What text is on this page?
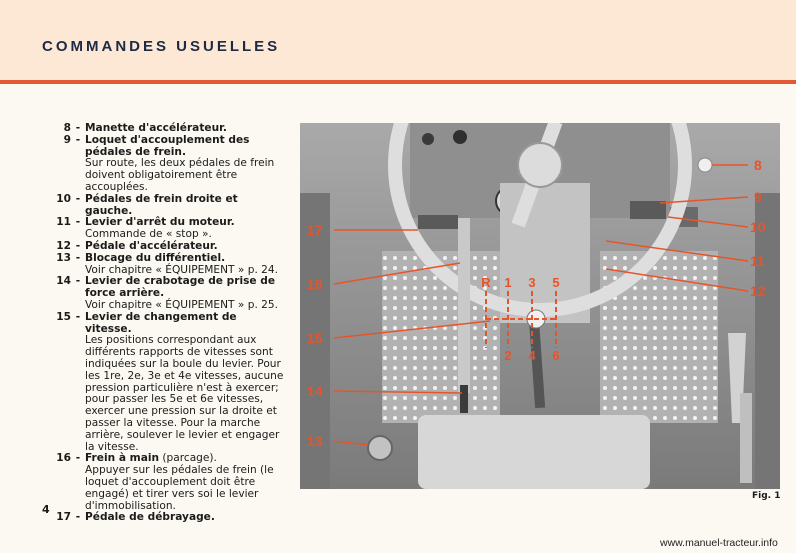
COMMANDES USUELLES
8 - Manette d'accélérateur.
9 - Loquet d'accouplement des pédales de frein.
Sur route, les deux pédales de frein doivent obligatoirement être accouplées.
10 - Pédales de frein droite et gauche.
11 - Levier d'arrêt du moteur.
Commande de « stop ».
12 - Pédale d'accélérateur.
13 - Blocage du différentiel.
Voir chapitre « ÉQUIPEMENT » p. 24.
14 - Levier de crabotage de prise de force arrière.
Voir chapitre « ÉQUIPEMENT » p. 25.
15 - Levier de changement de vitesse.
Les positions correspondant aux différents rapports de vitesses sont indiquées sur la boule du levier. Pour les 1re, 2e, 3e et 4e vitesses, aucune pression particulière n'est à exercer; pour passer les 5e et 6e vitesses, exercer une pression sur la droite et passer la vitesse. Pour la marche arrière, soulever le levier et engager la vitesse.
16 - Frein à main (parcage).
Appuyer sur les pédales de frein (le loquet d'accouplement doit être engagé) et tirer vers soi le levier d'immobilisation.
17 - Pédale de débrayage.
4
R 1 3 5
2 4 6
17
16
15
14
13
8
9
10
11
12
Fig. 1
www.manuel-tracteur.info
